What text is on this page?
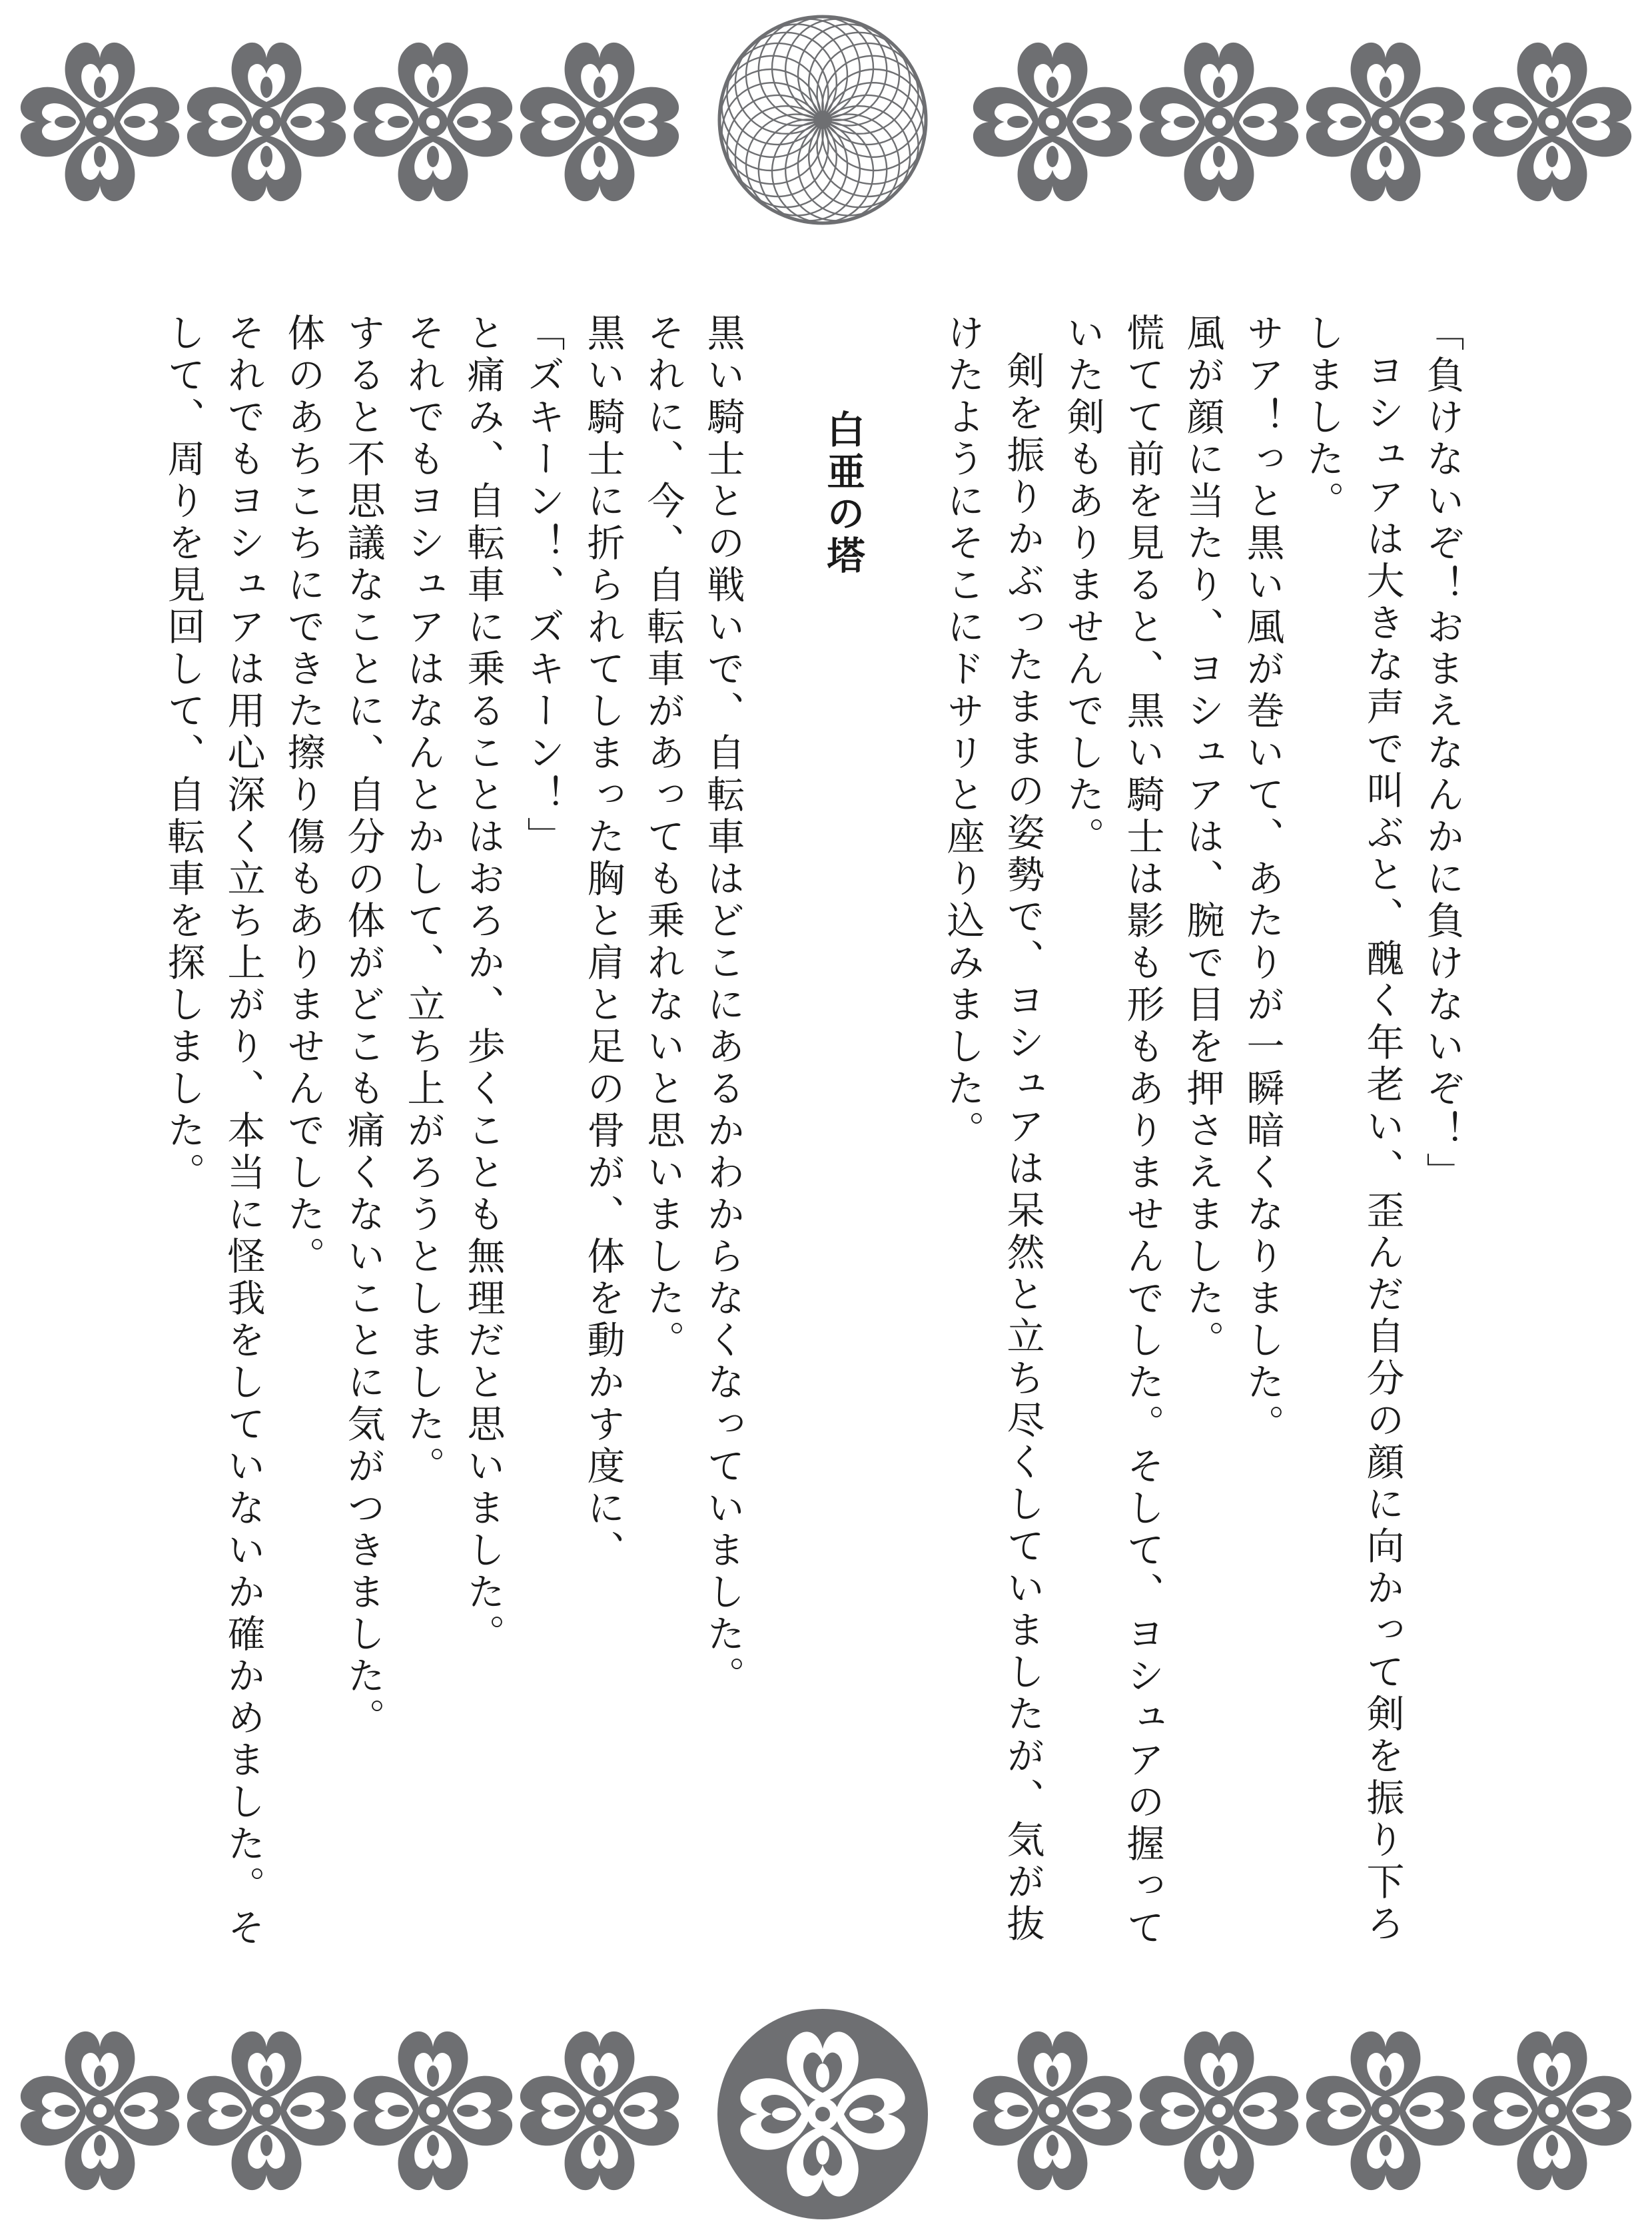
「負けないぞ！おまえなんかに負けないぞ！」

ヨシュアは大きな声で叫ぶと、醜く年老い、歪んだ自分の顔に向かって剣を振り下ろしました。

サア！っと黒い風が巻いて、あたりが一瞬暗くなりました。

風が顔に当たり、ヨシュアは、腕で目を押さえました。

慌てて前を見ると、黒い騎士は影も形もありませんでした。そして、ヨシュアの握っていた剣もありませんでした。

剣を振りかぶったままの姿勢で、ヨシュアは呆然と立ち尽くしていましたが、気が抜けたようにそこにドサリと座り込みました。

白亜の塔

黒い騎士との戦いで、自転車はどこにあるかわからなくなっていました。

それに、今、自転車があっても乗れないと思いました。

黒い騎士に折られてしまった胸と肩と足の骨が、体を動かす度に、

「ズキーン！、ズキーン！」

と痛み、自転車に乗ることはおろか、歩くことも無理だと思いました。

それでもヨシュアはなんとかして、立ち上がろうとしました。

すると不思議なことに、自分の体がどこも痛くないことに気がつきました。

体のあちこちにできた擦り傷もありませんでした。

それでもヨシュアは用心深く立ち上がり、本当に怪我をしていないか確かめました。そして、周りを見回して、自転車を探しました。
